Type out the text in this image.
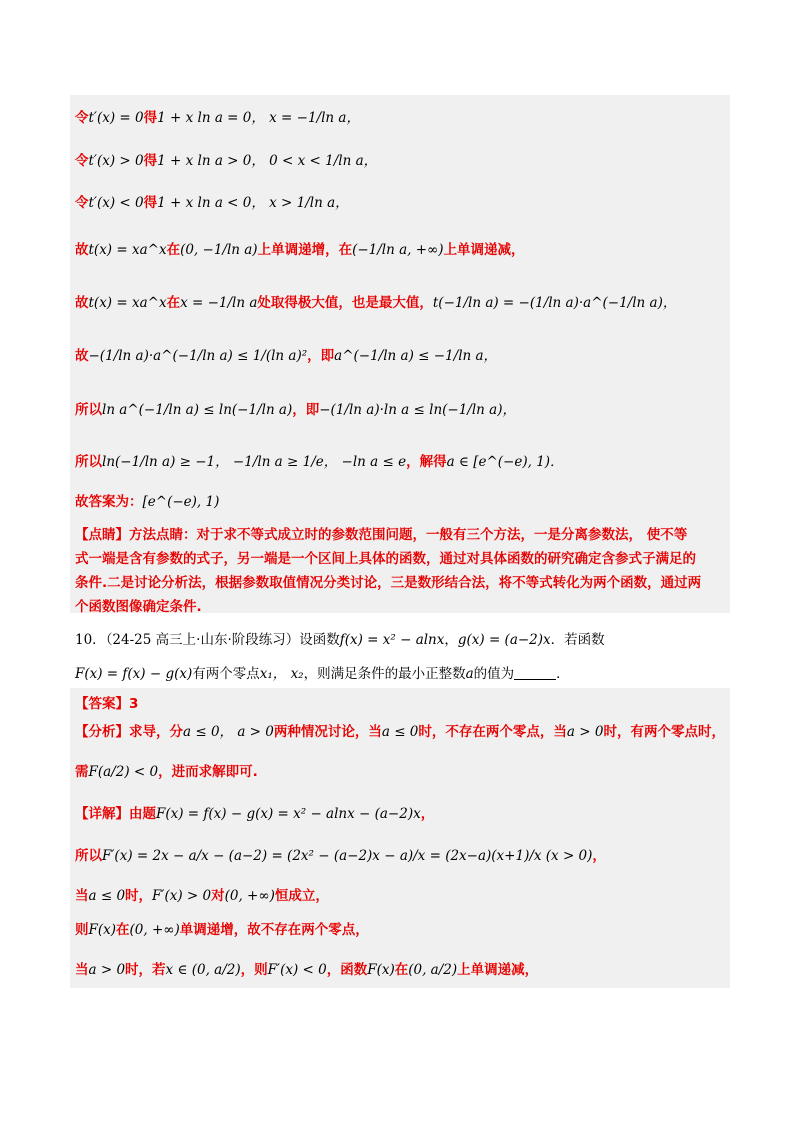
令t′(x) = 0得1 + x ln a = 0， x = −1/ln a，
令t′(x) > 0得1 + x ln a > 0， 0 < x < 1/ln a，
令t′(x) < 0得1 + x ln a < 0， x > 1/ln a，
故t(x) = xa^x在(0, −1/ln a)上单调递增，在(−1/ln a, +∞)上单调递减，
故t(x) = xa^x在x = −1/ln a处取得极大值，也是最大值，t(−1/ln a) = −(1/ln a)·a^(−1/ln a)，
故−(1/ln a)·a^(−1/ln a) ≤ 1/(ln a)²，即a^(−1/ln a) ≤ −1/ln a，
所以ln a^(−1/ln a) ≤ ln(−1/ln a)，即−(1/ln a)·ln a ≤ ln(−1/ln a)，
所以ln(−1/ln a) ≥ −1， −1/ln a ≥ 1/e， −ln a ≤ e，解得a ∈ [e^(−e), 1)．
故答案为：[e^(−e), 1)
【点睛】方法点睛：对于求不等式成立时的参数范围问题，一般有三个方法，一是分离参数法， 使不等
式一端是含有参数的式子，另一端是一个区间上具体的函数，通过对具体函数的研究确定含参式子满足的
条件.二是讨论分析法，根据参数取值情况分类讨论，三是数形结合法，将不等式转化为两个函数，通过两
个函数图像确定条件.
10．（24-25 高三上·山东·阶段练习）设函数f(x) = x² − alnx，g(x) = (a−2)x．若函数
F(x) = f(x) − g(x)有两个零点x₁， x₂，则满足条件的最小正整数a的值为	．
【答案】3
【分析】求导，分a ≤ 0， a > 0两种情况讨论，当a ≤ 0时，不存在两个零点，当a > 0时，有两个零点时，
需F(a/2) < 0，进而求解即可.
【详解】由题F(x) = f(x) − g(x) = x² − alnx − (a−2)x，
所以F′(x) = 2x − a/x − (a−2) = (2x² − (a−2)x − a)/x = (2x−a)(x+1)/x (x > 0)，
当a ≤ 0时，F′(x) > 0对(0, +∞)恒成立，
则F(x)在(0, +∞)单调递增，故不存在两个零点，
当a > 0时，若x ∈ (0, a/2)，则F′(x) < 0，函数F(x)在(0, a/2)上单调递减，
